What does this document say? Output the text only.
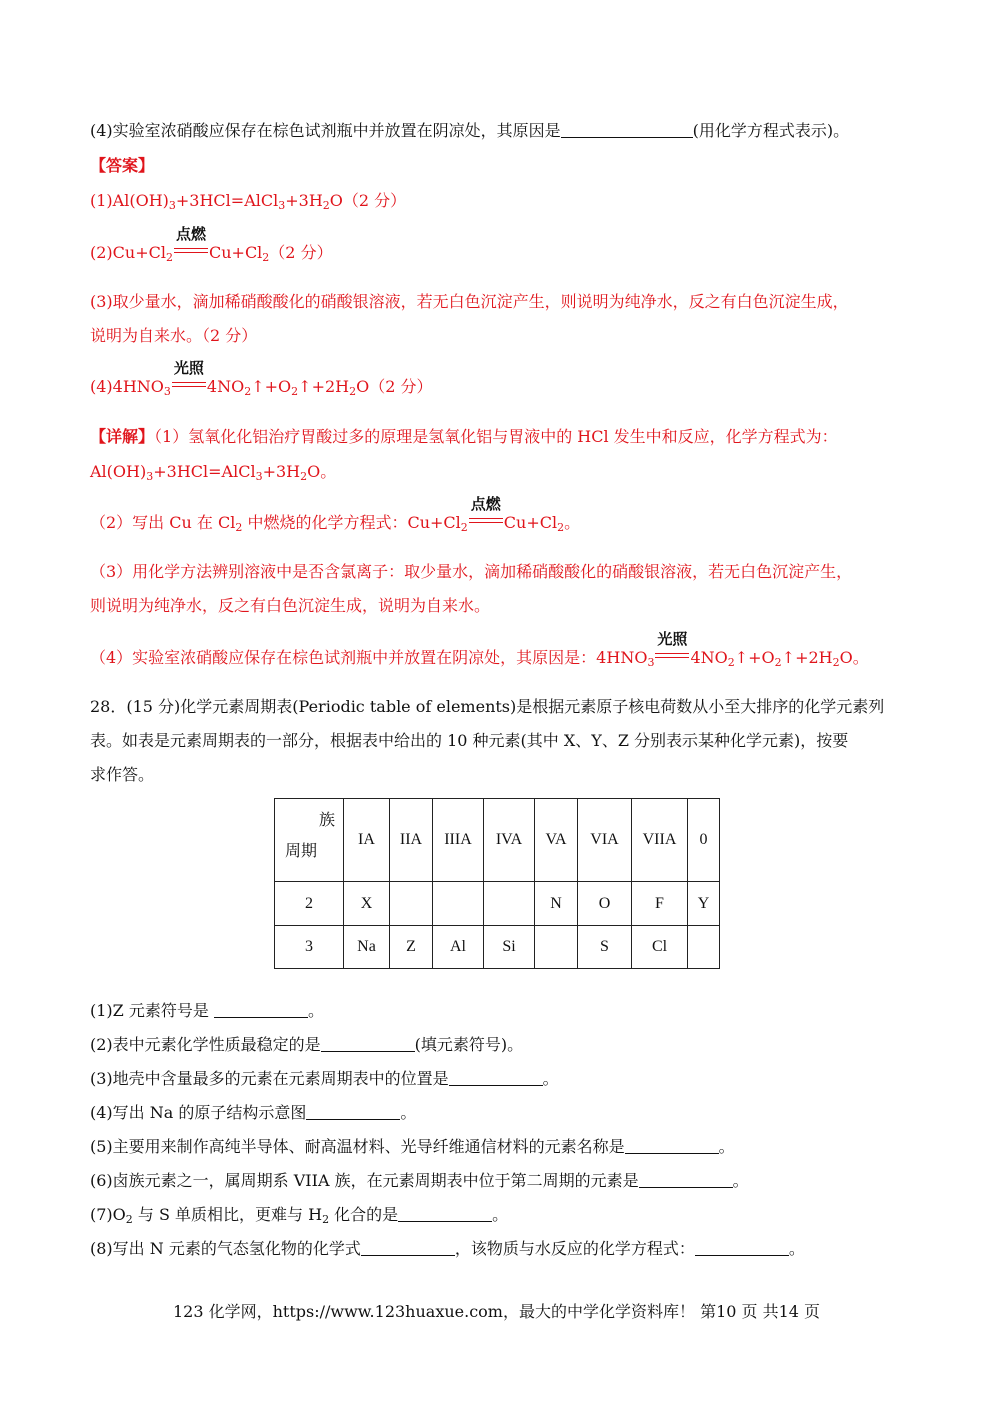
(4)实验室浓硝酸应保存在棕色试剂瓶中并放置在阴凉处，其原因是	(用化学方程式表示)。
【答案】
$(1)Al(OH)_3+3HCl=AlCl_3+3H_2O(2$ 分）
$(2)Cu+Cl_2$
点燃
$Cu+Cl_2(2$ 分）
(3)取少量水，滴加稀硝酸酸化的硝酸银溶液，若无白色沉淀产生，则说明为纯净水，反之有白色沉淀生成，
说明为自来水。（2 分）
$(4)4HNO_3$
光照
$4NO_2↑+O_2↑+2H_2O(2$ 分）
【详解】（1）氢氧化化铝治疗胃酸过多的原理是氢氧化铝与胃液中的 HCl 发生中和反应，化学方程式为：
$Al(OH)_3+3HCl=AlCl_3+3H_2O$。
（2）写出 Cu 在 $Cl_2$ 中燃烧的化学方程式：$Cu+Cl_2$
点燃
$Cu+Cl_2$。
（3）用化学方法辨别溶液中是否含氯离子：取少量水，滴加稀硝酸酸化的硝酸银溶液，若无白色沉淀产生，
则说明为纯净水，反之有白色沉淀生成，说明为自来水。
（4）实验室浓硝酸应保存在棕色试剂瓶中并放置在阴凉处，其原因是：$4HNO_3$
光照
$4NO_2↑+O_2↑+2H_2O$。
28．(15 分)化学元素周期表(Periodic table of elements)是根据元素原子核电荷数从小至大排序的化学元素列
表。如表是元素周期表的一部分，根据表中给出的 10 种元素(其中 X、Y、Z 分别表示某种化学元素)，按要
求作答。
族
周期	IA	IIA	IIIA	IVA	VA	VIA	VIIA	0
2	X				N	O	F	Y
3	Na	Z	Al	Si		S	Cl	
(1)Z 元素符号是	。
(2)表中元素化学性质最稳定的是	(填元素符号)。
(3)地壳中含量最多的元素在元素周期表中的位置是	。
(4)写出 Na 的原子结构示意图	。
(5)主要用来制作高纯半导体、耐高温材料、光导纤维通信材料的元素名称是	。
(6)卤族元素之一，属周期系 VIIA 族，在元素周期表中位于第二周期的元素是	。
$(7)O_2$ 与 S 单质相比，更难与 $H_2$ 化合的是	。
(8)写出 N 元素的气态氢化物的化学式	，该物质与水反应的化学方程式：	。
123 化学网，https://www.123huaxue.com，最大的中学化学资料库！ 第10 页 共14 页
